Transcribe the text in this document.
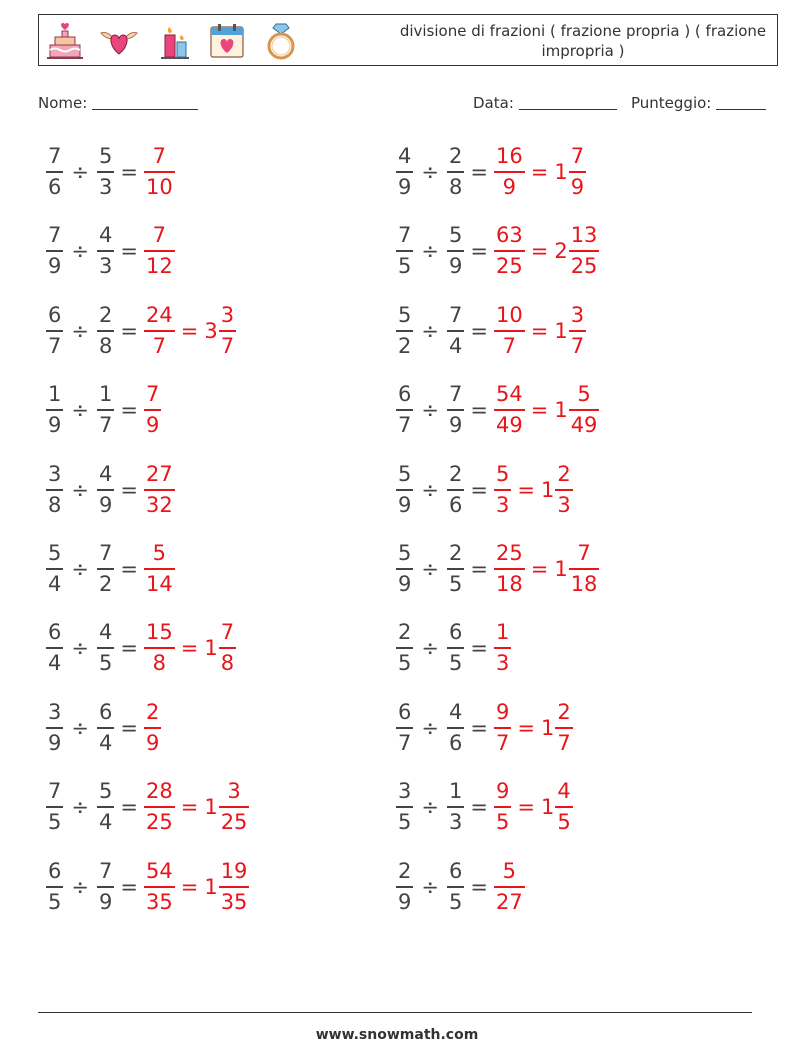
divisione di frazioni ( frazione propria ) ( frazione impropria )
Nome:	Data:	Punteggio:
$\frac{7}{6} \div \frac{5}{3} = \frac{7}{10}$	$\frac{4}{9} \div \frac{2}{8} = \frac{16}{9} = 1 \frac{7}{9}$
$\frac{7}{9} \div \frac{4}{3} = \frac{7}{12}$	$\frac{7}{5} \div \frac{5}{9} = \frac{63}{25} = 2 \frac{13}{25}$
$\frac{6}{7} \div \frac{2}{8} = \frac{24}{7} = 3 \frac{3}{7}$	$\frac{5}{2} \div \frac{7}{4} = \frac{10}{7} = 1 \frac{3}{7}$
$\frac{1}{9} \div \frac{1}{7} = \frac{7}{9}$	$\frac{6}{7} \div \frac{7}{9} = \frac{54}{49} = 1 \frac{5}{49}$
$\frac{3}{8} \div \frac{4}{9} = \frac{27}{32}$	$\frac{5}{9} \div \frac{2}{6} = \frac{5}{3} = 1 \frac{2}{3}$
$\frac{5}{4} \div \frac{7}{2} = \frac{5}{14}$	$\frac{5}{9} \div \frac{2}{5} = \frac{25}{18} = 1 \frac{7}{18}$
$\frac{6}{4} \div \frac{4}{5} = \frac{15}{8} = 1 \frac{7}{8}$	$\frac{2}{5} \div \frac{6}{5} = \frac{1}{3}$
$\frac{3}{9} \div \frac{6}{4} = \frac{2}{9}$	$\frac{6}{7} \div \frac{4}{6} = \frac{9}{7} = 1 \frac{2}{7}$
$\frac{7}{5} \div \frac{5}{4} = \frac{28}{25} = 1 \frac{3}{25}$	$\frac{3}{5} \div \frac{1}{3} = \frac{9}{5} = 1 \frac{4}{5}$
$\frac{6}{5} \div \frac{7}{9} = \frac{54}{35} = 1 \frac{19}{35}$	$\frac{2}{9} \div \frac{6}{5} = \frac{5}{27}$
www.snowmath.com
